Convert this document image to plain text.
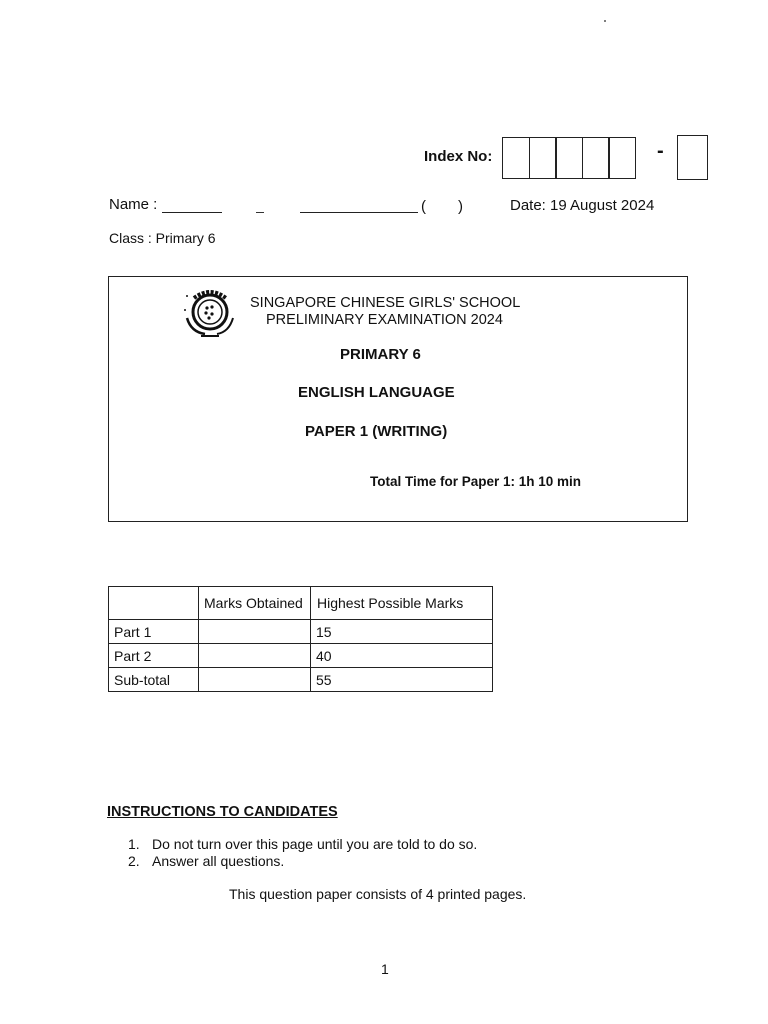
Index No:	-
Name :	( )	Date: 19 August 2024
Class : Primary 6
SINGAPORE CHINESE GIRLS' SCHOOL
PRELIMINARY EXAMINATION 2024
PRIMARY 6
ENGLISH LANGUAGE
PAPER 1 (WRITING)
Total Time for Paper 1: 1h 10 min
	Marks Obtained	Highest Possible Marks
Part 1		15
Part 2		40
Sub-total		55
INSTRUCTIONS TO CANDIDATES
1. Do not turn over this page until you are told to do so.
2. Answer all questions.
This question paper consists of 4 printed pages.
1
